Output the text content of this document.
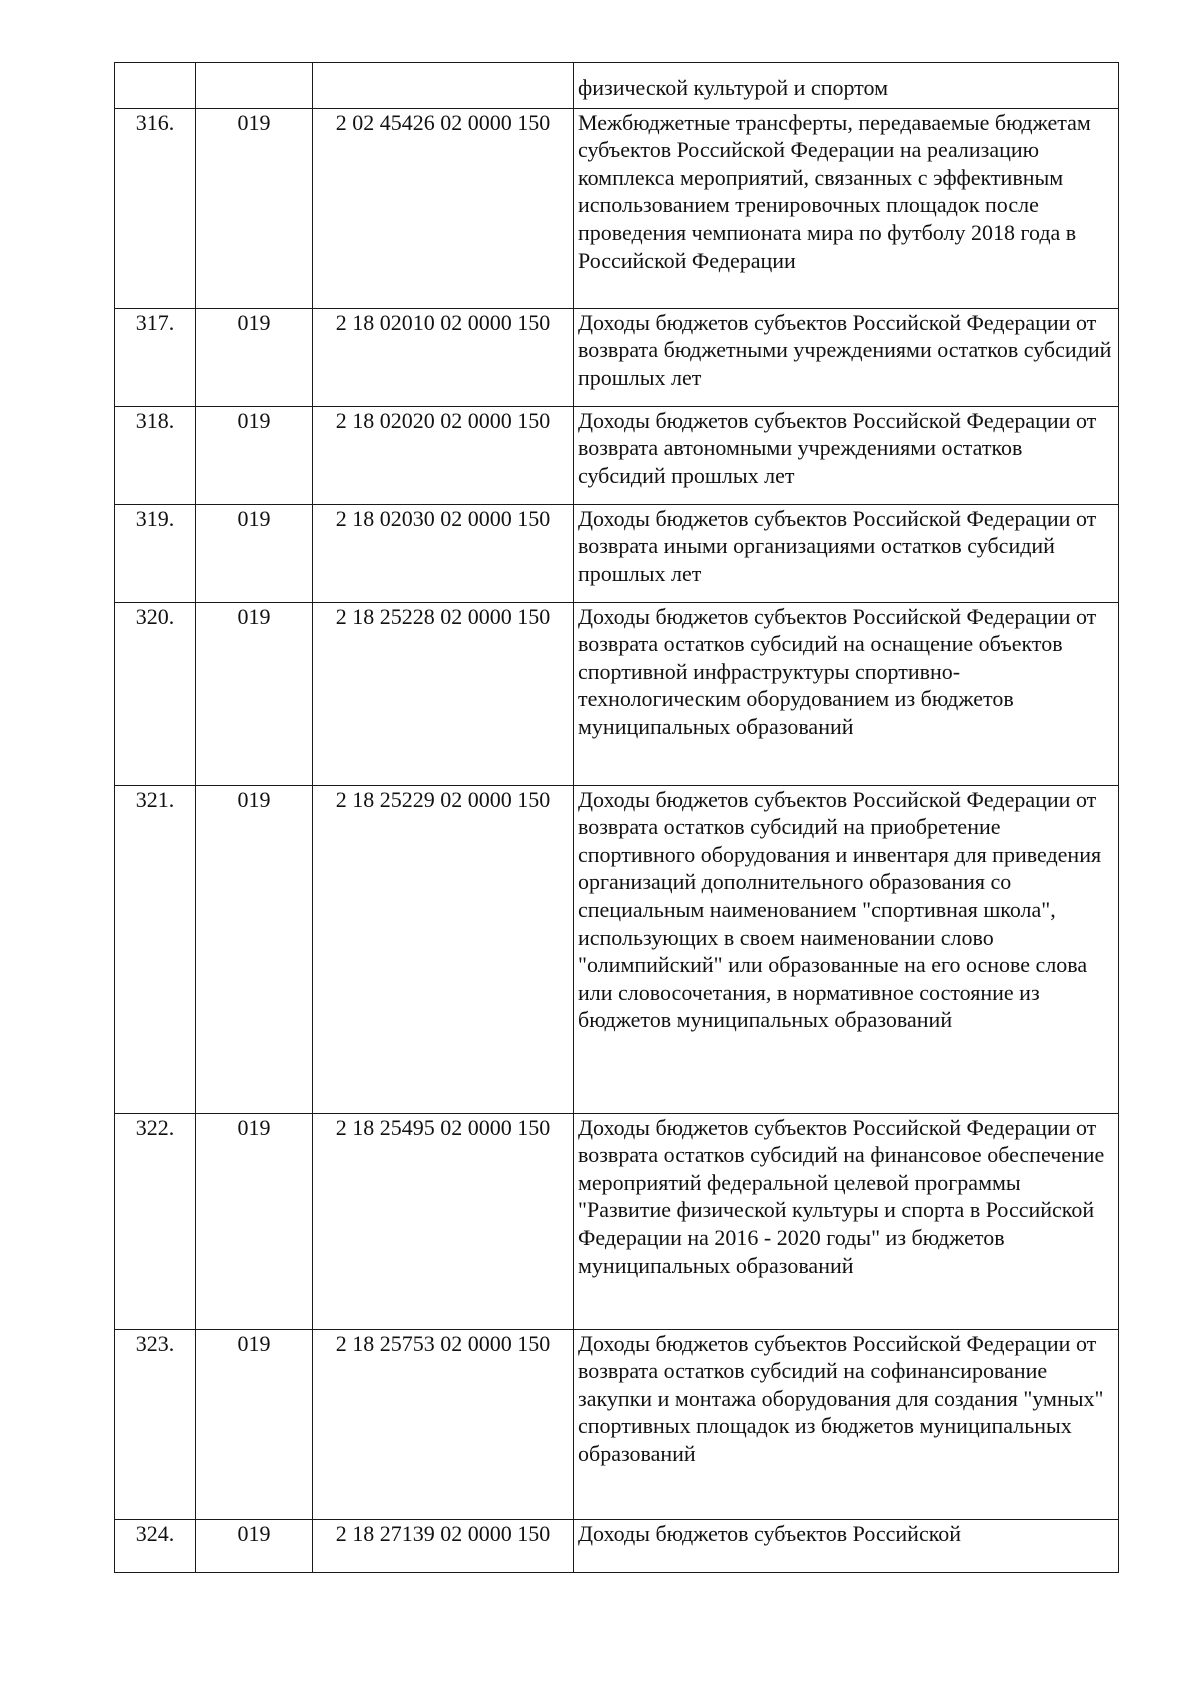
			физической культурой и спортом
316.	019	2 02 45426 02 0000 150	Межбюджетные трансферты, передаваемые бюджетам субъектов Российской Федерации на реализацию комплекса мероприятий, связанных с эффективным использованием тренировочных площадок после проведения чемпионата мира по футболу 2018 года в Российской Федерации
317.	019	2 18 02010 02 0000 150	Доходы бюджетов субъектов Российской Федерации от возврата бюджетными учреждениями остатков субсидий прошлых лет
318.	019	2 18 02020 02 0000 150	Доходы бюджетов субъектов Российской Федерации от возврата автономными учреждениями остатков субсидий прошлых лет
319.	019	2 18 02030 02 0000 150	Доходы бюджетов субъектов Российской Федерации от возврата иными организациями остатков субсидий прошлых лет
320.	019	2 18 25228 02 0000 150	Доходы бюджетов субъектов Российской Федерации от возврата остатков субсидий на оснащение объектов спортивной инфраструктуры спортивно-технологическим оборудованием из бюджетов муниципальных образований
321.	019	2 18 25229 02 0000 150	Доходы бюджетов субъектов Российской Федерации от возврата остатков субсидий на приобретение спортивного оборудования и инвентаря для приведения организаций дополнительного образования со специальным наименованием "спортивная школа", использующих в своем наименовании слово "олимпийский" или образованные на его основе слова или словосочетания, в нормативное состояние из бюджетов муниципальных образований
322.	019	2 18 25495 02 0000 150	Доходы бюджетов субъектов Российской Федерации от возврата остатков субсидий на финансовое обеспечение мероприятий федеральной целевой программы "Развитие физической культуры и спорта в Российской Федерации на 2016 - 2020 годы" из бюджетов муниципальных образований
323.	019	2 18 25753 02 0000 150	Доходы бюджетов субъектов Российской Федерации от возврата остатков субсидий на софинансирование закупки и монтажа оборудования для создания "умных" спортивных площадок из бюджетов муниципальных образований
324.	019	2 18 27139 02 0000 150	Доходы бюджетов субъектов Российской
